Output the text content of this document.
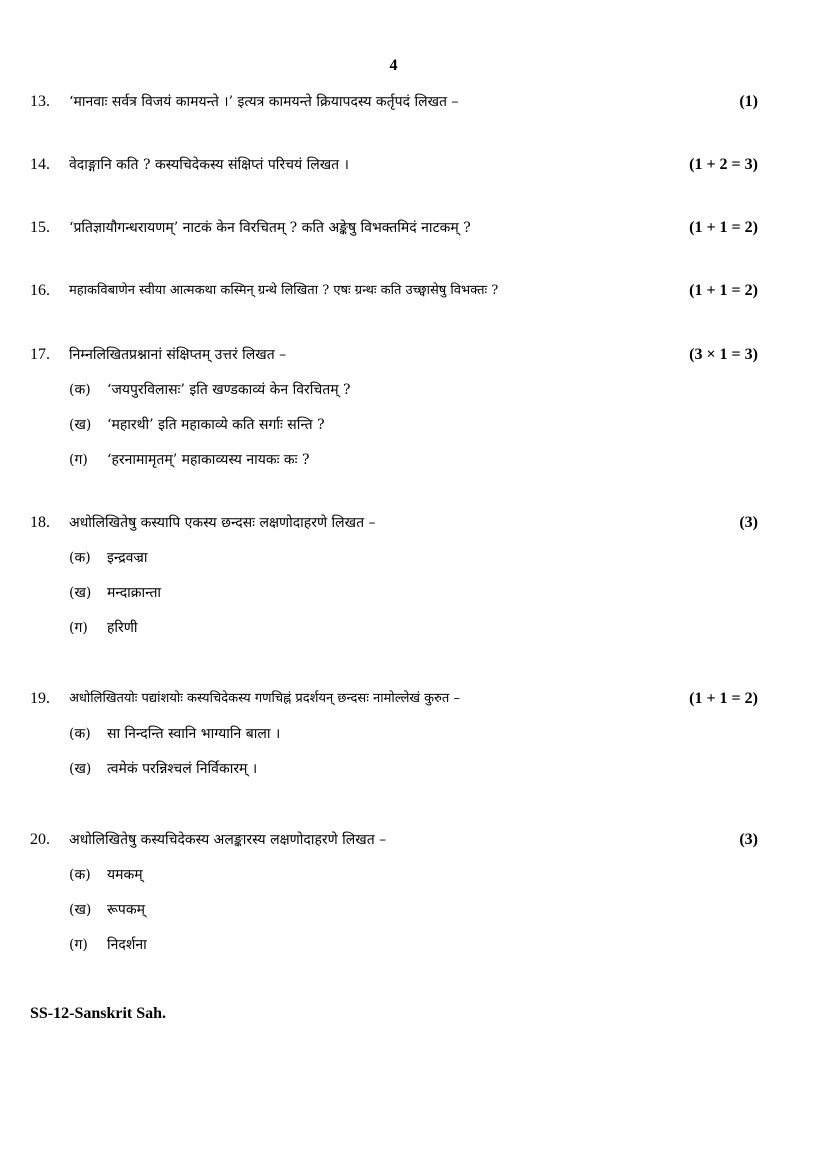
4
13. ‘मानवाः सर्वत्र विजयं कामयन्ते ।’ इत्यत्र कामयन्ते क्रियापदस्य कर्तृपदं लिखत –	(1)
14. वेदाङ्गानि कति ? कस्यचिदेकस्य संक्षिप्तं परिचयं लिखत ।	(1 + 2 = 3)
15. ‘प्रतिज्ञायौगन्धरायणम्’ नाटकं केन विरचितम् ? कति अङ्केषु विभक्तमिदं नाटकम् ?	(1 + 1 = 2)
16. महाकविबाणेन स्वीया आत्मकथा कस्मिन् ग्रन्थे लिखिता ? एषः ग्रन्थः कति उच्छ्वासेषु विभक्तः ?	(1 + 1 = 2)
17. निम्नलिखितप्रश्नानां संक्षिप्तम् उत्तरं लिखत –	(3 × 1 = 3)
(क) ‘जयपुरविलासः’ इति खण्डकाव्यं केन विरचितम् ?
(ख) ‘महारथी’ इति महाकाव्ये कति सर्गाः सन्ति ?
(ग) ‘हरनामामृतम्’ महाकाव्यस्य नायकः कः ?
18. अधोलिखितेषु कस्यापि एकस्य छन्दसः लक्षणोदाहरणे लिखत –	(3)
(क) इन्द्रवज्रा
(ख) मन्दाक्रान्ता
(ग) हरिणी
19. अधोलिखितयोः पद्यांशयोः कस्यचिदेकस्य गणचिह्नं प्रदर्शयन् छन्दसः नामोल्लेखं कुरुत –	(1 + 1 = 2)
(क) सा निन्दन्ति स्वानि भाग्यानि बाला ।
(ख) त्वमेकं परन्निश्चलं निर्विकारम् ।
20. अधोलिखितेषु कस्यचिदेकस्य अलङ्कारस्य लक्षणोदाहरणे लिखत –	(3)
(क) यमकम्
(ख) रूपकम्
(ग) निदर्शना
SS-12-Sanskrit Sah.
